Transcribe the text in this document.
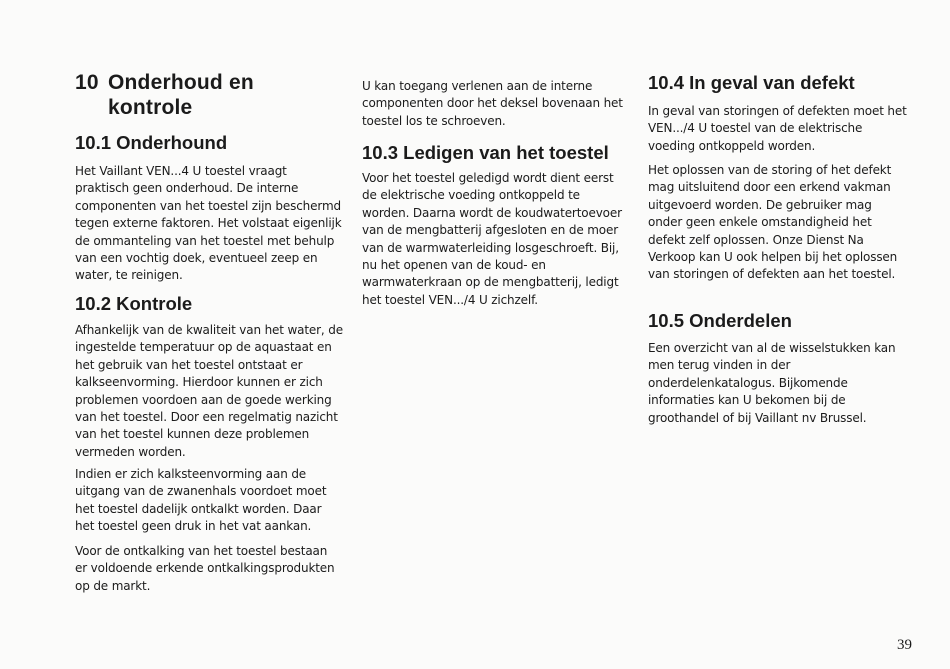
10 Onderhoud en
kontrole
10.1 Onderhound

Het Vaillant VEN...4 U toestel vraagt praktisch geen onderhoud. De interne componenten van het toestel zijn beschermd tegen externe faktoren. Het volstaat eigenlijk de ommanteling van het toestel met behulp van een vochtig doek, eventueel zeep en water, te reinigen.

10.2 Kontrole

Afhankelijk van de kwaliteit van het water, de ingestelde temperatuur op de aquastaat en het gebruik van het toestel ontstaat er kalkseenvorming. Hierdoor kunnen er zich problemen voordoen aan de goede werking van het toestel. Door een regelmatig nazicht van het toestel kunnen deze problemen vermeden worden.

Indien er zich kalksteenvorming aan de uitgang van de zwanenhals voordoet moet het toestel dadelijk ontkalkt worden. Daar het toestel geen druk in het vat aankan.

Voor de ontkalking van het toestel bestaan er voldoende erkende ontkalkingsprodukten op de markt.

U kan toegang verlenen aan de interne componenten door het deksel bovenaan het toestel los te schroeven.

10.3 Ledigen van het toestel

Voor het toestel geledigd wordt dient eerst de elektrische voeding ontkoppeld te worden. Daarna wordt de koudwatertoevoer van de mengbatterij afgesloten en de moer van de warmwaterleiding losgeschroeft. Bij, nu het openen van de koud- en warmwaterkraan op de mengbatterij, ledigt het toestel VEN.../4 U zichzelf.

10.4 In geval van defekt

In geval van storingen of defekten moet het VEN.../4 U toestel van de elektrische voeding ontkoppeld worden.

Het oplossen van de storing of het defekt mag uitsluitend door een erkend vakman uitgevoerd worden. De gebruiker mag onder geen enkele omstandigheid het defekt zelf oplossen. Onze Dienst Na Verkoop kan U ook helpen bij het oplossen van storingen of defekten aan het toestel.

10.5 Onderdelen

Een overzicht van al de wisselstukken kan men terug vinden in der onderdelenkatalogus. Bijkomende informaties kan U bekomen bij de groothandel of bij Vaillant nv Brussel.

39
